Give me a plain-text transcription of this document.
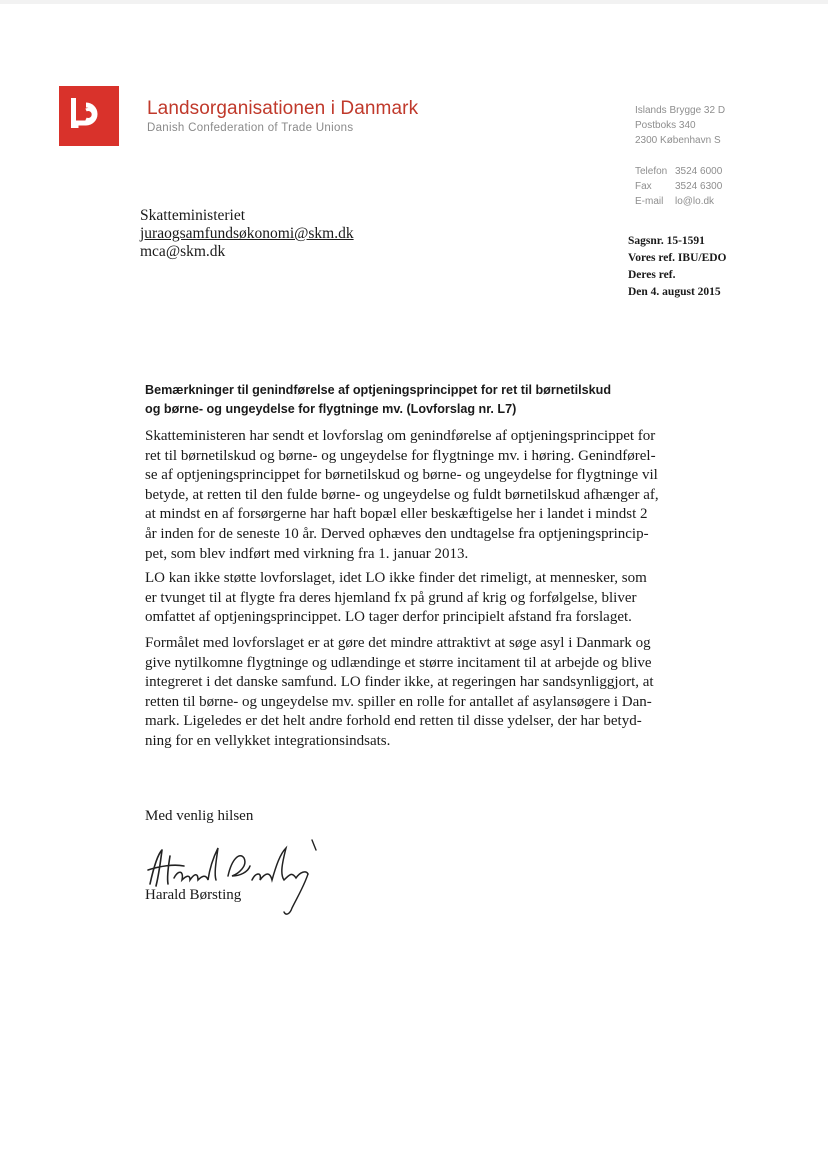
Landsorganisationen i Danmark
Danish Confederation of Trade Unions
Islands Brygge 32 D
Postboks 340
2300 København S
Telefon 3524 6000
Fax	3524 6300
E-mail	lo@lo.dk
Skatteministeriet
juraogsamfundsøkonomi@skm.dk
mca@skm.dk
Sagsnr. 15-1591
Vores ref. IBU/EDO
Deres ref.
Den 4. august 2015
Bemærkninger til genindførelse af optjeningsprincippet for ret til børnetilskud
og børne- og ungeydelse for flygtninge mv. (Lovforslag nr. L7)
Skatteministeren har sendt et lovforslag om genindførelse af optjeningsprincippet for
ret til børnetilskud og børne- og ungeydelse for flygtninge mv. i høring. Genindførel-
se af optjeningsprincippet for børnetilskud og børne- og ungeydelse for flygtninge vil
betyde, at retten til den fulde børne- og ungeydelse og fuldt børnetilskud afhænger af,
at mindst en af forsørgerne har haft bopæl eller beskæftigelse her i landet i mindst 2
år inden for de seneste 10 år. Derved ophæves den undtagelse fra optjeningsprincip-
pet, som blev indført med virkning fra 1. januar 2013.
LO kan ikke støtte lovforslaget, idet LO ikke finder det rimeligt, at mennesker, som
er tvunget til at flygte fra deres hjemland fx på grund af krig og forfølgelse, bliver
omfattet af optjeningsprincippet. LO tager derfor principielt afstand fra forslaget.
Formålet med lovforslaget er at gøre det mindre attraktivt at søge asyl i Danmark og
give nytilkomne flygtninge og udlændinge et større incitament til at arbejde og blive
integreret i det danske samfund. LO finder ikke, at regeringen har sandsynliggjort, at
retten til børne- og ungeydelse mv. spiller en rolle for antallet af asylansøgere i Dan-
mark. Ligeledes er det helt andre forhold end retten til disse ydelser, der har betyd-
ning for en vellykket integrationsindsats.
Med venlig hilsen
Harald Børsting
